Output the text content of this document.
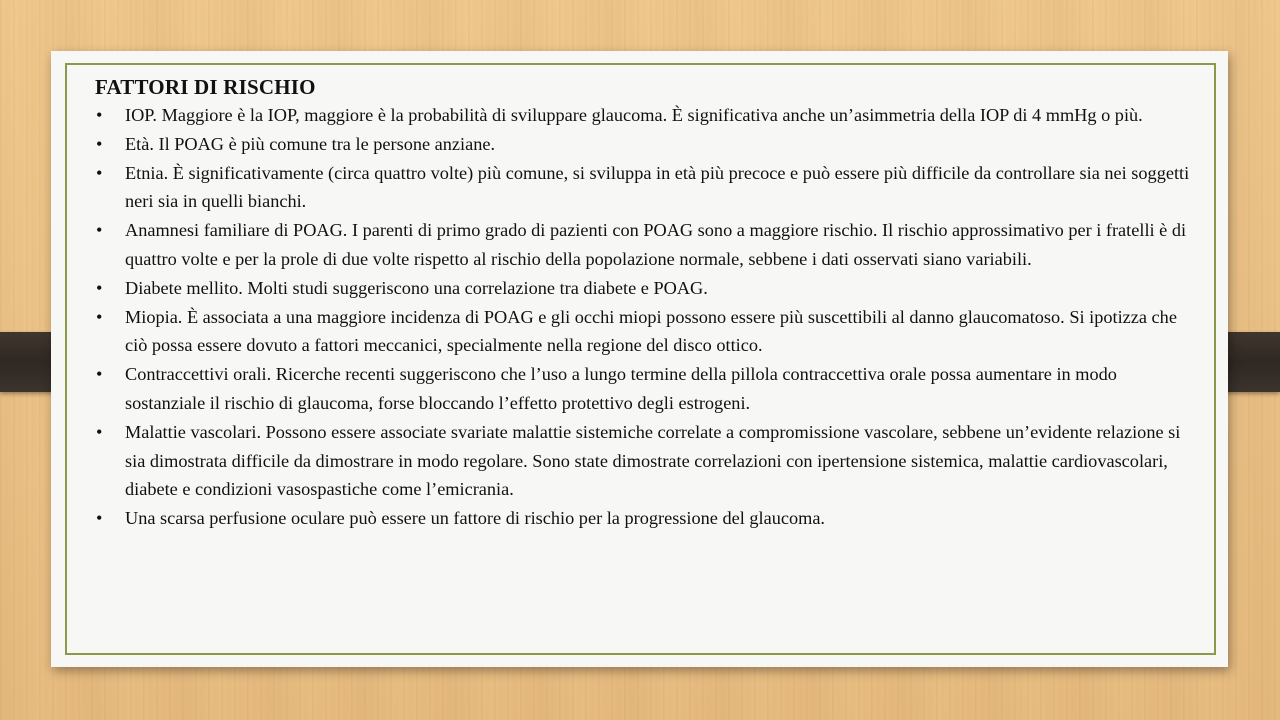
FATTORI DI RISCHIO
• IOP. Maggiore è la IOP, maggiore è la probabilità di sviluppare glaucoma. È significativa anche un’asimmetria della IOP di 4 mmHg o più.
• Età. Il POAG è più comune tra le persone anziane.
• Etnia. È significativamente (circa quattro volte) più comune, si sviluppa in età più precoce e può essere più difficile da controllare sia nei soggetti neri sia in quelli bianchi.
• Anamnesi familiare di POAG. I parenti di primo grado di pazienti con POAG sono a maggiore rischio. Il rischio approssimativo per i fratelli è di quattro volte e per la prole di due volte rispetto al rischio della popolazione normale, sebbene i dati osservati siano variabili.
• Diabete mellito. Molti studi suggeriscono una correlazione tra diabete e POAG.
• Miopia. È associata a una maggiore incidenza di POAG e gli occhi miopi possono essere più suscettibili al danno glaucomatoso. Si ipotizza che ciò possa essere dovuto a fattori meccanici, specialmente nella regione del disco ottico.
• Contraccettivi orali. Ricerche recenti suggeriscono che l’uso a lungo termine della pillola contraccettiva orale possa aumentare in modo sostanziale il rischio di glaucoma, forse bloccando l’effetto protettivo degli estrogeni.
• Malattie vascolari. Possono essere associate svariate malattie sistemiche correlate a compromissione vascolare, sebbene un’evidente relazione si sia dimostrata difficile da dimostrare in modo regolare. Sono state dimostrate correlazioni con ipertensione sistemica, malattie cardiovascolari, diabete e condizioni vasospastiche come l’emicrania.
• Una scarsa perfusione oculare può essere un fattore di rischio per la progressione del glaucoma.
